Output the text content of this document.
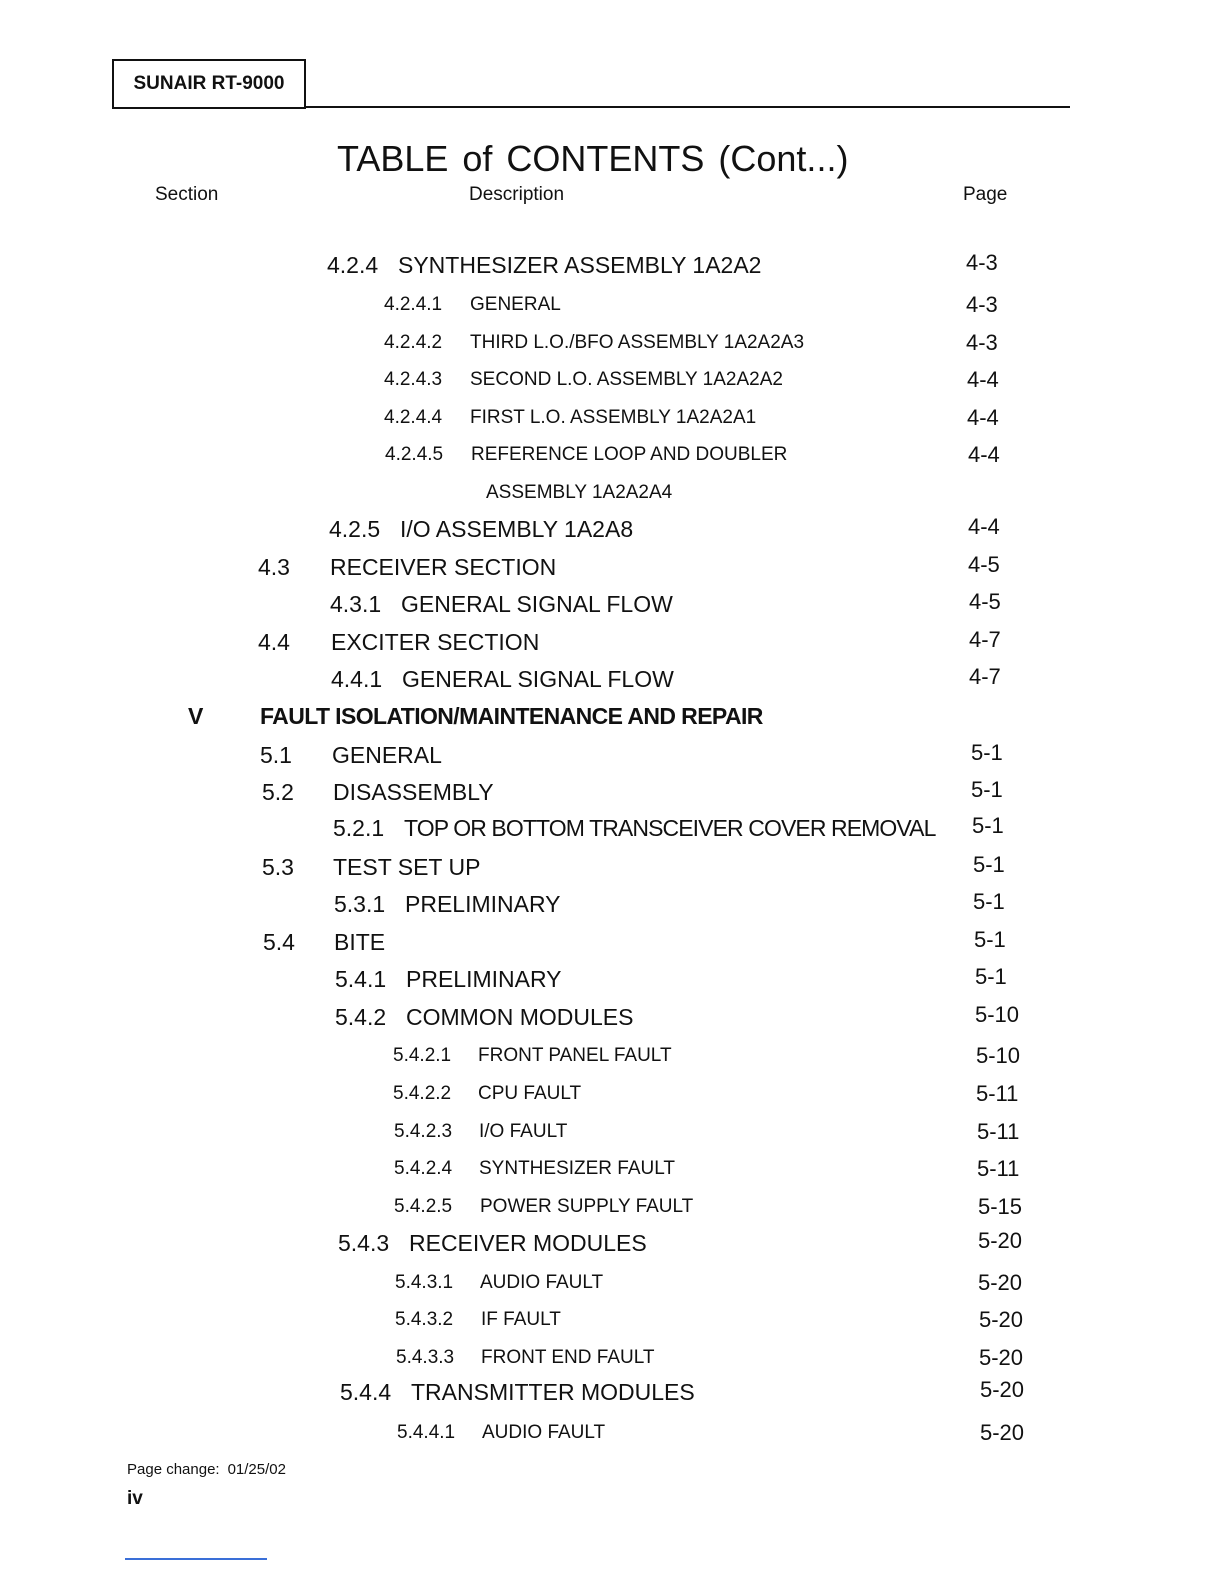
SUNAIR RT-9000
TABLE of CONTENTS (Cont...)
Section	Description	Page
4.2.4 SYNTHESIZER ASSEMBLY 1A2A2	4-3
4.2.4.1 GENERAL	4-3
4.2.4.2 THIRD L.O./BFO ASSEMBLY 1A2A2A3	4-3
4.2.4.3 SECOND L.O. ASSEMBLY 1A2A2A2	4-4
4.2.4.4 FIRST L.O. ASSEMBLY 1A2A2A1	4-4
4.2.4.5 REFERENCE LOOP AND DOUBLER	4-4
ASSEMBLY 1A2A2A4
4.2.5 I/O ASSEMBLY 1A2A8	4-4
4.3 RECEIVER SECTION	4-5
4.3.1 GENERAL SIGNAL FLOW	4-5
4.4 EXCITER SECTION	4-7
4.4.1 GENERAL SIGNAL FLOW	4-7
V FAULT ISOLATION/MAINTENANCE AND REPAIR
5.1 GENERAL	5-1
5.2 DISASSEMBLY	5-1
5.2.1 TOP OR BOTTOM TRANSCEIVER COVER REMOVAL 5-1
5.3 TEST SET UP	5-1
5.3.1 PRELIMINARY	5-1
5.4 BITE	5-1
5.4.1 PRELIMINARY	5-1
5.4.2 COMMON MODULES	5-10
5.4.2.1 FRONT PANEL FAULT	5-10
5.4.2.2 CPU FAULT	5-11
5.4.2.3 I/O FAULT	5-11
5.4.2.4 SYNTHESIZER FAULT	5-11
5.4.2.5 POWER SUPPLY FAULT	5-15
5.4.3 RECEIVER MODULES	5-20
5.4.3.1 AUDIO FAULT	5-20
5.4.3.2 IF FAULT	5-20
5.4.3.3 FRONT END FAULT	5-20
5.4.4 TRANSMITTER MODULES	5-20
5.4.4.1 AUDIO FAULT	5-20
Page change: 01/25/02
iv
